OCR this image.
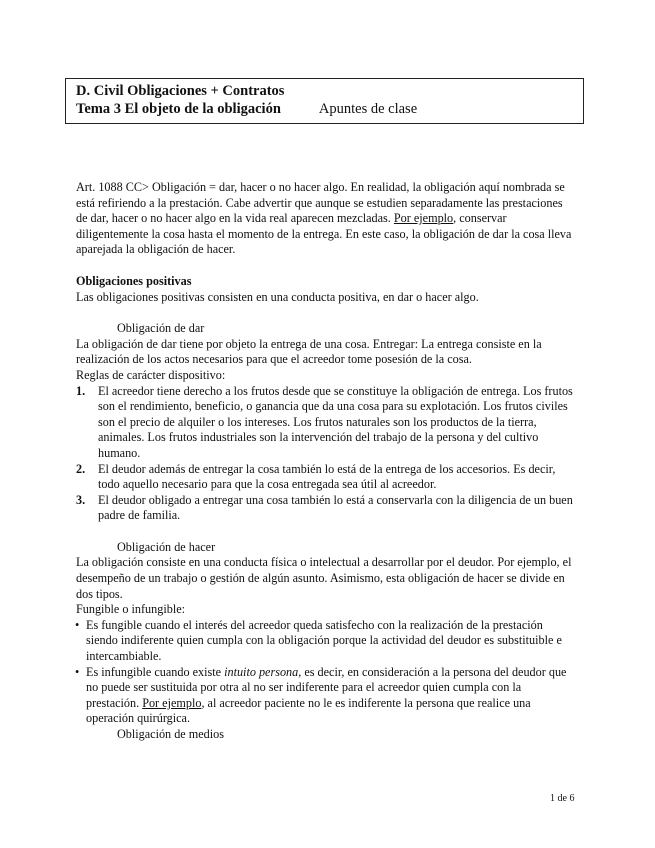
D. Civil Obligaciones + Contratos
Tema 3 El objeto de la obligación	Apuntes de clase

Art. 1088 CC> Obligación = dar, hacer o no hacer algo. En realidad, la obligación aquí nombrada se está refiriendo a la prestación. Cabe advertir que aunque se estudien separadamente las prestaciones de dar, hacer o no hacer algo en la vida real aparecen mezcladas. Por ejemplo, conservar diligentemente la cosa hasta el momento de la entrega. En este caso, la obligación de dar la cosa lleva aparejada la obligación de hacer.

Obligaciones positivas

Las obligaciones positivas consisten en una conducta positiva, en dar o hacer algo.

Obligación de dar

La obligación de dar tiene por objeto la entrega de una cosa. Entregar: La entrega consiste en la realización de los actos necesarios para que el acreedor tome posesión de la cosa.

Reglas de carácter dispositivo:

1. El acreedor tiene derecho a los frutos desde que se constituye la obligación de entrega. Los frutos son el rendimiento, beneficio, o ganancia que da una cosa para su explotación. Los frutos civiles son el precio de alquiler o los intereses. Los frutos naturales son los productos de la tierra, animales. Los frutos industriales son la intervención del trabajo de la persona y del cultivo humano.
2. El deudor además de entregar la cosa también lo está de la entrega de los accesorios. Es decir, todo aquello necesario para que la cosa entregada sea útil al acreedor.
3. El deudor obligado a entregar una cosa también lo está a conservarla con la diligencia de un buen padre de familia.

Obligación de hacer

La obligación consiste en una conducta física o intelectual a desarrollar por el deudor. Por ejemplo, el desempeño de un trabajo o gestión de algún asunto. Asimismo, esta obligación de hacer se divide en dos tipos.

Fungible o infungible:

• Es fungible cuando el interés del acreedor queda satisfecho con la realización de la prestación siendo indiferente quien cumpla con la obligación porque la actividad del deudor es substituible e intercambiable.
• Es infungible cuando existe intuito persona, es decir, en consideración a la persona del deudor que no puede ser sustituida por otra al no ser indiferente para el acreedor quien cumpla con la prestación. Por ejemplo, al acreedor paciente no le es indiferente la persona que realice una operación quirúrgica.

Obligación de medios

1 de 6
